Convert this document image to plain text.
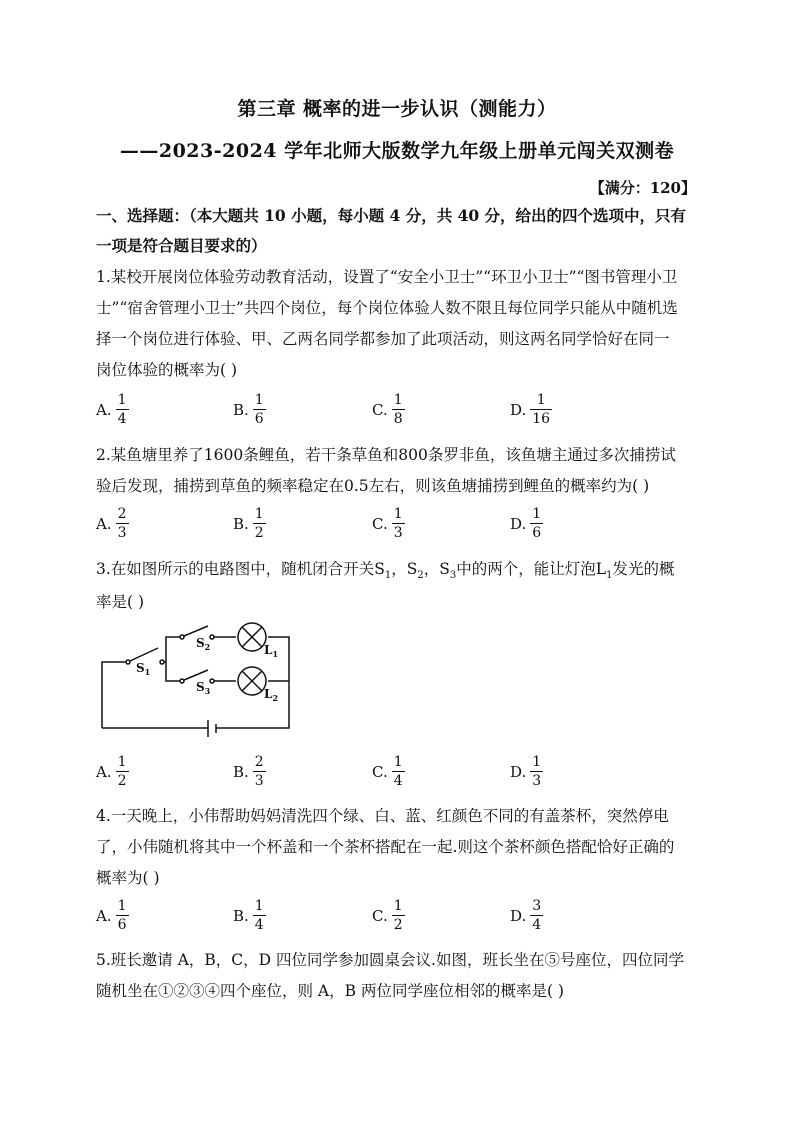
第三章 概率的进一步认识（测能力）
——2023-2024 学年北师大版数学九年级上册单元闯关双测卷
【满分：120】
一、选择题：（本大题共 10 小题，每小题 4 分，共 40 分，给出的四个选项中，只有
一项是符合题目要求的）
1.某校开展岗位体验劳动教育活动，设置了“安全小卫士”“环卫小卫士”“图书管理小卫
士”“宿舍管理小卫士”共四个岗位，每个岗位体验人数不限且每位同学只能从中随机选
择一个岗位进行体验、甲、乙两名同学都参加了此项活动，则这两名同学恰好在同一
岗位体验的概率为( )
A. $\frac{1}{4}$	B. $\frac{1}{6}$	C. $\frac{1}{8}$	D. $\frac{1}{16}$
2.某鱼塘里养了1600条鲤鱼，若干条草鱼和800条罗非鱼，该鱼塘主通过多次捕捞试
验后发现，捕捞到草鱼的频率稳定在0.5左右，则该鱼塘捕捞到鲤鱼的概率约为( )
A. $\frac{2}{3}$	B. $\frac{1}{2}$	C. $\frac{1}{3}$	D. $\frac{1}{6}$
3.在如图所示的电路图中，随机闭合开关$S_1$，$S_2$，$S_3$中的两个，能让灯泡$L_1$发光的概
率是( )
$S_1$
$S_2$
$S_3$
$L_1$
$L_2$
A. $\frac{1}{2}$	B. $\frac{2}{3}$	C. $\frac{1}{4}$	D. $\frac{1}{3}$
4.一天晚上，小伟帮助妈妈清洗四个绿、白、蓝、红颜色不同的有盖茶杯，突然停电
了，小伟随机将其中一个杯盖和一个茶杯搭配在一起.则这个茶杯颜色搭配恰好正确的
概率为( )
A. $\frac{1}{6}$	B. $\frac{1}{4}$	C. $\frac{1}{2}$	D. $\frac{3}{4}$
5.班长邀请 A，B，C，D 四位同学参加圆桌会议.如图，班长坐在⑤号座位，四位同学
随机坐在①②③④四个座位，则 A，B 两位同学座位相邻的概率是( )
